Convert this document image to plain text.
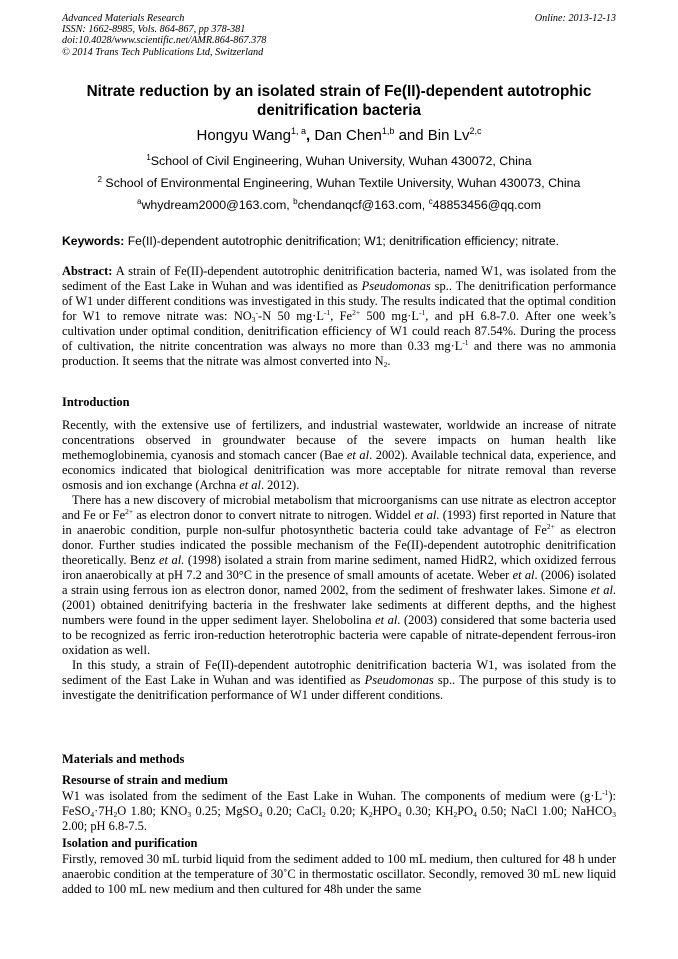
Advanced Materials Research
ISSN: 1662-8985, Vols. 864-867, pp 378-381
doi:10.4028/www.scientific.net/AMR.864-867.378
© 2014 Trans Tech Publications Ltd, Switzerland
Online: 2013-12-13
Nitrate reduction by an isolated strain of Fe(II)-dependent autotrophic
denitrification bacteria
Hongyu Wang$^{1, a}$, Dan Chen$^{1,b}$ and Bin Lv$^{2,c}$
$^1$School of Civil Engineering, Wuhan University, Wuhan 430072, China
$^2$ School of Environmental Engineering, Wuhan Textile University, Wuhan 430073, China
$^a$whydream2000@163.com, $^b$chendanqcf@163.com, $^c$48853456@qq.com
Keywords: Fe(II)-dependent autotrophic denitrification; W1; denitrification efficiency; nitrate.

Abstract: A strain of Fe(II)-dependent autotrophic denitrification bacteria, named W1, was isolated from the sediment of the East Lake in Wuhan and was identified as Pseudomonas sp.. The denitrification performance of W1 under different conditions was investigated in this study. The results indicated that the optimal condition for W1 to remove nitrate was: $NO_3^--N$ 50 $mg\cdot L^{-1}$, $Fe^{2+}$ 500 $mg\cdot L^{-1}$, and pH 6.8-7.0. After one week’s cultivation under optimal condition, denitrification efficiency of W1 could reach 87.54%. During the process of cultivation, the nitrite concentration was always no more than 0.33 $mg\cdot L^{-1}$ and there was no ammonia production. It seems that the nitrate was almost converted into $N_2$.

Introduction

Recently, with the extensive use of fertilizers, and industrial wastewater, worldwide an increase of nitrate concentrations observed in groundwater because of the severe impacts on human health like methemoglobinemia, cyanosis and stomach cancer (Bae et al. 2002). Available technical data, experience, and economics indicated that biological denitrification was more acceptable for nitrate removal than reverse osmosis and ion exchange (Archna et al. 2012).

There has a new discovery of microbial metabolism that microorganisms can use nitrate as electron acceptor and Fe or $Fe^{2+}$ as electron donor to convert nitrate to nitrogen. Widdel et al. (1993) first reported in Nature that in anaerobic condition, purple non-sulfur photosynthetic bacteria could take advantage of $Fe^{2+}$ as electron donor. Further studies indicated the possible mechanism of the Fe(II)-dependent autotrophic denitrification theoretically. Benz et al. (1998) isolated a strain from marine sediment, named HidR2, which oxidized ferrous iron anaerobically at pH 7.2 and 30°C in the presence of small amounts of acetate. Weber et al. (2006) isolated a strain using ferrous ion as electron donor, named 2002, from the sediment of freshwater lakes. Simone et al. (2001) obtained denitrifying bacteria in the freshwater lake sediments at different depths, and the highest numbers were found in the upper sediment layer. Shelobolina et al. (2003) considered that some bacteria used to be recognized as ferric iron-reduction heterotrophic bacteria were capable of nitrate-dependent ferrous-iron oxidation as well.

In this study, a strain of Fe(II)-dependent autotrophic denitrification bacteria W1, was isolated from the sediment of the East Lake in Wuhan and was identified as Pseudomonas sp.. The purpose of this study is to investigate the denitrification performance of W1 under different conditions.

Materials and methods
Resourse of strain and medium

W1 was isolated from the sediment of the East Lake in Wuhan. The components of medium were $(g\cdot L^{-1})$: $FeSO_4\cdot 7H_2O$ 1.80; $KNO_3$ 0.25; MgSO$_4$ 0.20; CaCl$_2$ 0.20; $K_2HPO_4$ 0.30; $KH_2PO_4$ 0.50; NaCl 1.00; NaHCO$_3$ 2.00; pH 6.8-7.5.

Isolation and purification

Firstly, removed 30 mL turbid liquid from the sediment added to 100 mL medium, then cultured for 48 h under anaerobic condition at the temperature of 30˚C in thermostatic oscillator. Secondly, removed 30 mL new liquid added to 100 mL new medium and then cultured for 48h under the same
